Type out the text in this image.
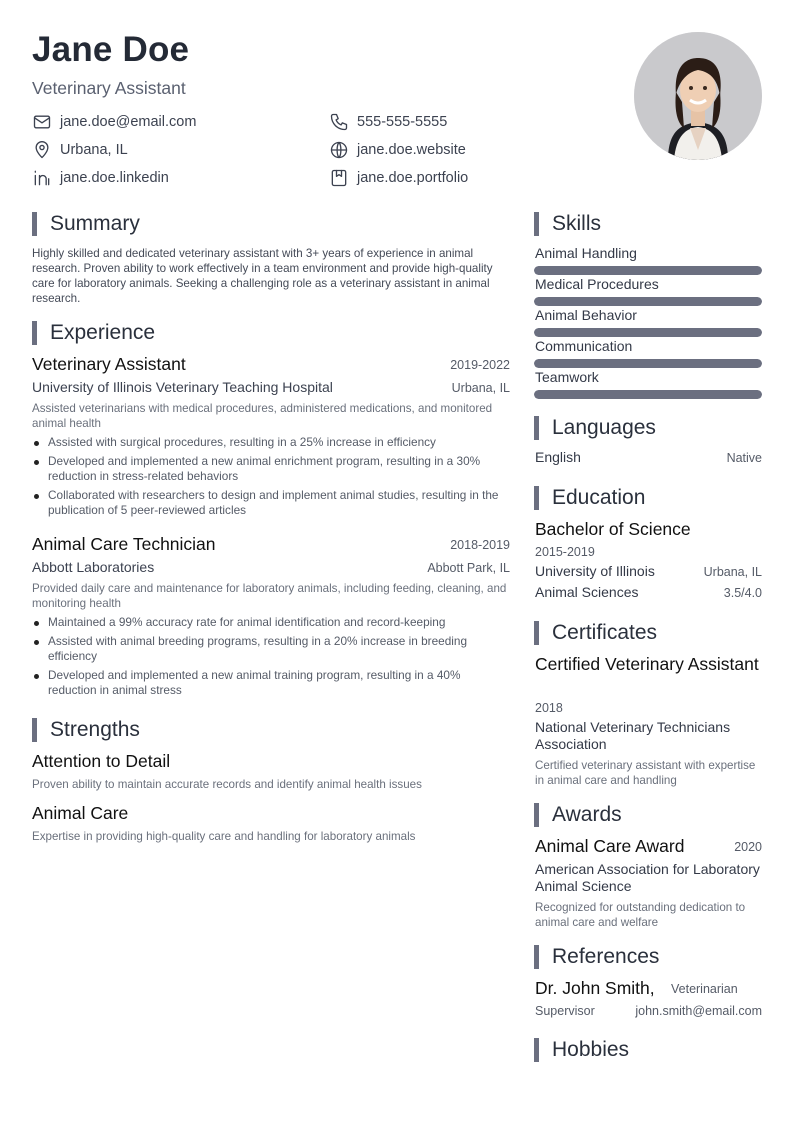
Jane Doe
Veterinary Assistant
jane.doe@email.com	555-555-5555
Urbana, IL	jane.doe.website
jane.doe.linkedin	jane.doe.portfolio
Summary
Highly skilled and dedicated veterinary assistant with 3+ years of experience in animal research. Proven ability to work effectively in a team environment and provide high-quality care for laboratory animals. Seeking a challenging role as a veterinary assistant in animal research.
Experience
Veterinary Assistant	2019-2022
University of Illinois Veterinary Teaching Hospital	Urbana, IL
Assisted veterinarians with medical procedures, administered medications, and monitored animal health
Assisted with surgical procedures, resulting in a 25% increase in efficiency
Developed and implemented a new animal enrichment program, resulting in a 30% reduction in stress-related behaviors
Collaborated with researchers to design and implement animal studies, resulting in the publication of 5 peer-reviewed articles
Animal Care Technician	2018-2019
Abbott Laboratories	Abbott Park, IL
Provided daily care and maintenance for laboratory animals, including feeding, cleaning, and monitoring health
Maintained a 99% accuracy rate for animal identification and record-keeping
Assisted with animal breeding programs, resulting in a 20% increase in breeding efficiency
Developed and implemented a new animal training program, resulting in a 40% reduction in animal stress
Strengths
Attention to Detail
Proven ability to maintain accurate records and identify animal health issues
Animal Care
Expertise in providing high-quality care and handling for laboratory animals
Skills
Animal Handling
Medical Procedures
Animal Behavior
Communication
Teamwork
Languages
English	Native
Education
Bachelor of Science
2015-2019
University of Illinois	Urbana, IL
Animal Sciences	3.5/4.0
Certificates
Certified Veterinary Assistant
2018
National Veterinary Technicians Association
Certified veterinary assistant with expertise in animal care and handling
Awards
Animal Care Award	2020
American Association for Laboratory Animal Science
Recognized for outstanding dedication to animal care and welfare
References
Dr. John Smith, Veterinarian
Supervisor	john.smith@email.com
Hobbies
